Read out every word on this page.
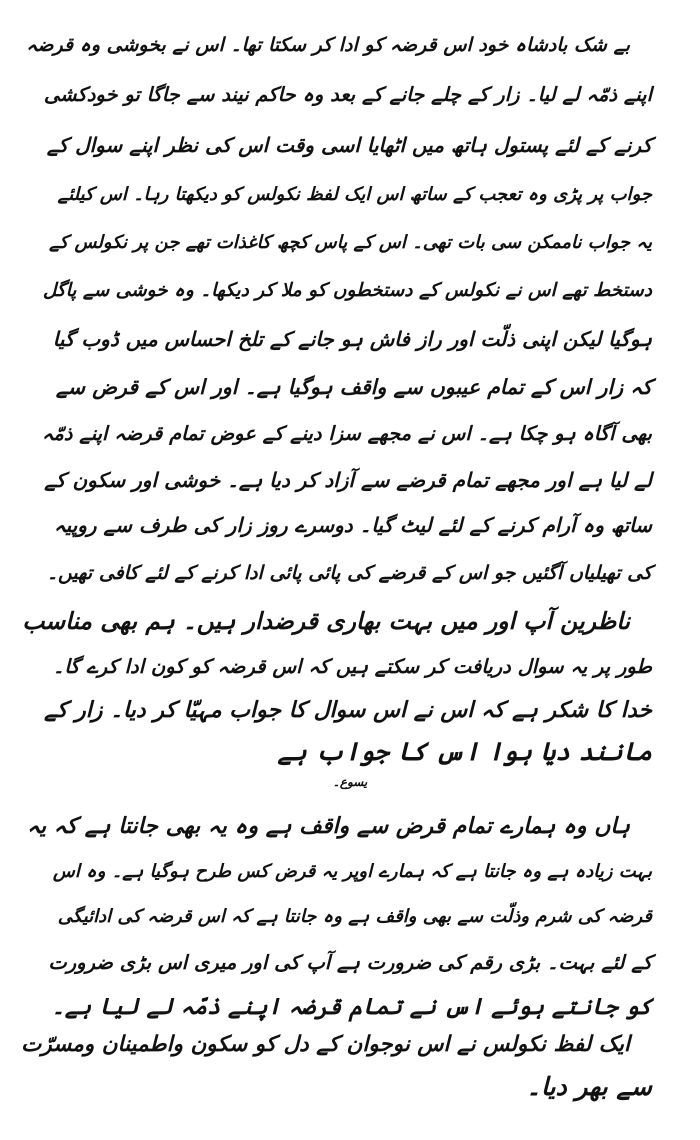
بے شک بادشاہ خود اس قرضہ کو ادا کر سکتا تھا۔ اس نے بخوشی وہ قرضہ
اپنے ذمّہ لے لیا۔ زار کے چلے جانے کے بعد وہ حاکم نیند سے جاگا تو خودکشی
کرنے کے لئے پستول ہاتھ میں اٹھایا اسی وقت اس کی نظر اپنے سوال کے
جواب پر پڑی وہ تعجب کے ساتھ اس ایک لفظ نکولس کو دیکھتا رہا۔ اس کیلئے
یہ جواب ناممکن سی بات تھی۔ اس کے پاس کچھ کاغذات تھے جن پر نکولس کے
دستخط تھے اس نے نکولس کے دستخطوں کو ملا کر دیکھا۔ وہ خوشی سے پاگل
ہوگیا لیکن اپنی ذلّت اور راز فاش ہو جانے کے تلخ احساس میں ڈوب گیا
کہ زار اس کے تمام عیبوں سے واقف ہوگیا ہے۔ اور اس کے قرض سے
بھی آگاہ ہو چکا ہے۔ اس نے مجھے سزا دینے کے عوض تمام قرضہ اپنے ذمّہ
لے لیا ہے اور مجھے تمام قرضے سے آزاد کر دیا ہے۔ خوشی اور سکون کے
ساتھ وہ آرام کرنے کے لئے لیٹ گیا۔ دوسرے روز زار کی طرف سے روپیہ
کی تھیلیاں آگئیں جو اس کے قرضے کی پائی پائی ادا کرنے کے لئے کافی تھیں۔
ناظرین آپ اور میں بہت بھاری قرضدار ہیں۔ ہم بھی مناسب
طور پر یہ سوال دریافت کر سکتے ہیں کہ اس قرضہ کو کون ادا کرے گا۔
خدا کا شکر ہے کہ اس نے اس سوال کا جواب مہیّا کر دیا۔ زار کے
مانند دیا ہوا اس کا جواب ہے
یسوع۔
ہاں وہ ہمارے تمام قرض سے واقف ہے وہ یہ بھی جانتا ہے کہ یہ
بہت زیادہ ہے وہ جانتا ہے کہ ہمارے اوپر یہ قرض کس طرح ہوگیا ہے۔ وہ اس
قرضہ کی شرم وذلّت سے بھی واقف ہے وہ جانتا ہے کہ اس قرضہ کی ادائیگی
کے لئے بہت۔ بڑی رقم کی ضرورت ہے آپ کی اور میری اس بڑی ضرورت
کو جانتے ہوئے اس نے تمام قرضہ اپنے ذمّہ لے لیا ہے۔
ایک لفظ نکولس نے اس نوجوان کے دل کو سکون واطمینان ومسرّت
سے بھر دیا۔
